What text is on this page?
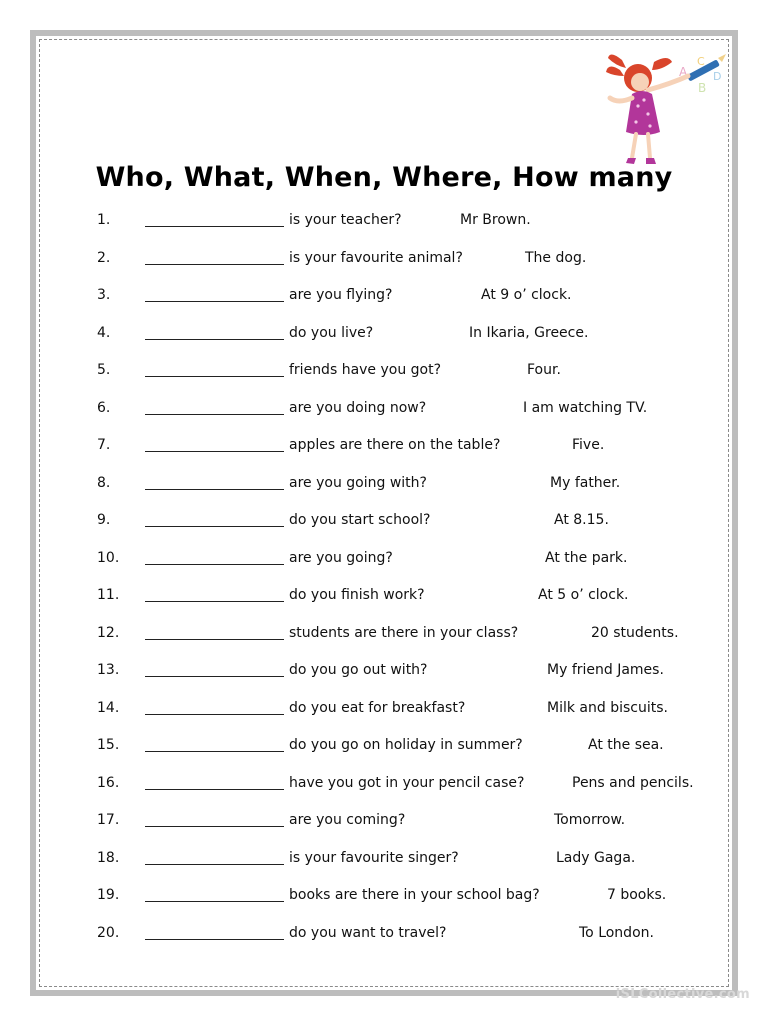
A
C
D
B
Who, What, When, Where, How many
1.	is your teacher?	Mr Brown.
2.	is your favourite animal?	The dog.
3.	are you flying?	At 9 o’ clock.
4.	do you live?	In Ikaria, Greece.
5.	friends have you got?	Four.
6.	are you doing now?	I am watching TV.
7.	apples are there on the table?	Five.
8.	are you going with?	My father.
9.	do you start school?	At 8.15.
10.	are you going?	At the park.
11.	do you finish work?	At 5 o’ clock.
12.	students are there in your class?	20 students.
13.	do you go out with?	My friend James.
14.	do you eat for breakfast?	Milk and biscuits.
15.	do you go on holiday in summer?	At the sea.
16.	have you got in your pencil case?	Pens and pencils.
17.	are you coming?	Tomorrow.
18.	is your favourite singer?	Lady Gaga.
19.	books are there in your school bag?	7 books.
20.	do you want to travel?	To London.
iSLCollective.com
